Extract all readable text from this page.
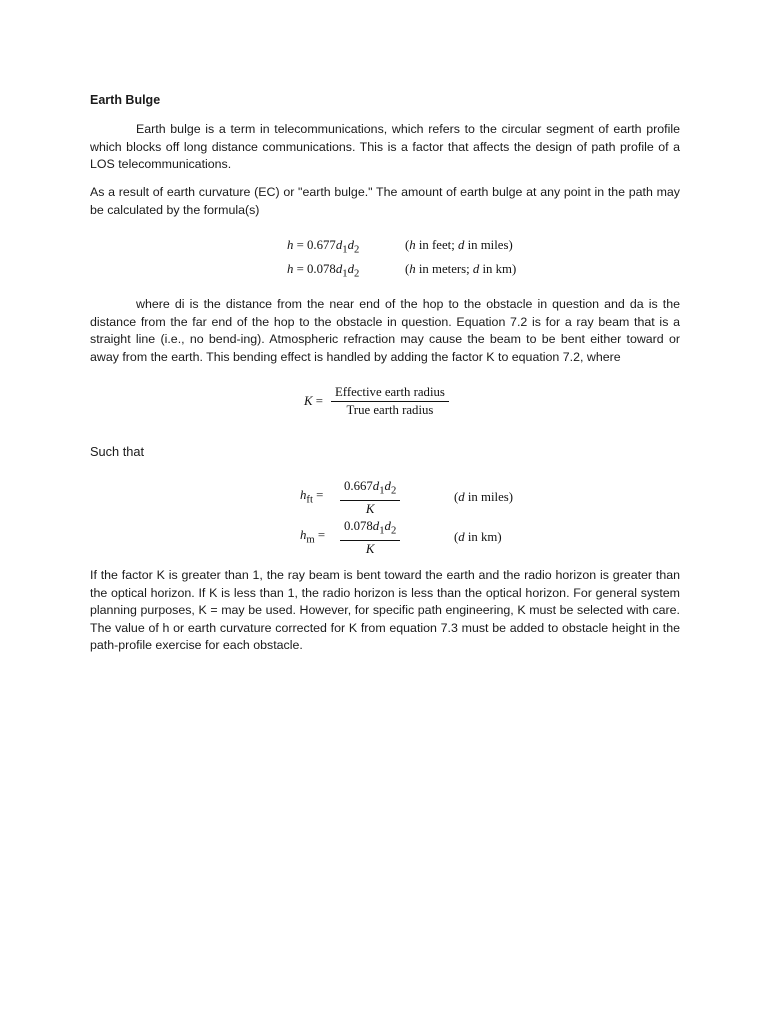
Earth Bulge

Earth bulge is a term in telecommunications, which refers to the circular segment of earth profile which blocks off long distance communications. This is a factor that affects the design of path profile of a LOS telecommunications.

As a result of earth curvature (EC) or "earth bulge." The amount of earth bulge at any point in the path may be calculated by the formula(s)

$h = 0.677d_1d_2$	(h in feet; d in miles)
$h = 0.078d_1d_2$	(h in meters; d in km)

where di is the distance from the near end of the hop to the obstacle in question and da is the distance from the far end of the hop to the obstacle in question. Equation 7.2 is for a ray beam that is a straight line (i.e., no bend-ing). Atmospheric refraction may cause the beam to be bent either toward or away from the earth. This bending effect is handled by adding the factor K to equation 7.2, where

$K = \frac{\text{Effective earth radius}}{\text{True earth radius}}$

Such that

$h_{ft}$ =	$\frac{0.667d_1d_2}{K}$	(d in miles)
$h_m$ =	$\frac{0.078d_1d_2}{K}$	(d in km)

If the factor K is greater than 1, the ray beam is bent toward the earth and the radio horizon is greater than the optical horizon. If K is less than 1, the radio horizon is less than the optical horizon. For general system planning purposes, K = may be used. However, for specific path engineering, K must be selected with care. The value of h or earth curvature corrected for K from equation 7.3 must be added to obstacle height in the path-profile exercise for each obstacle.
